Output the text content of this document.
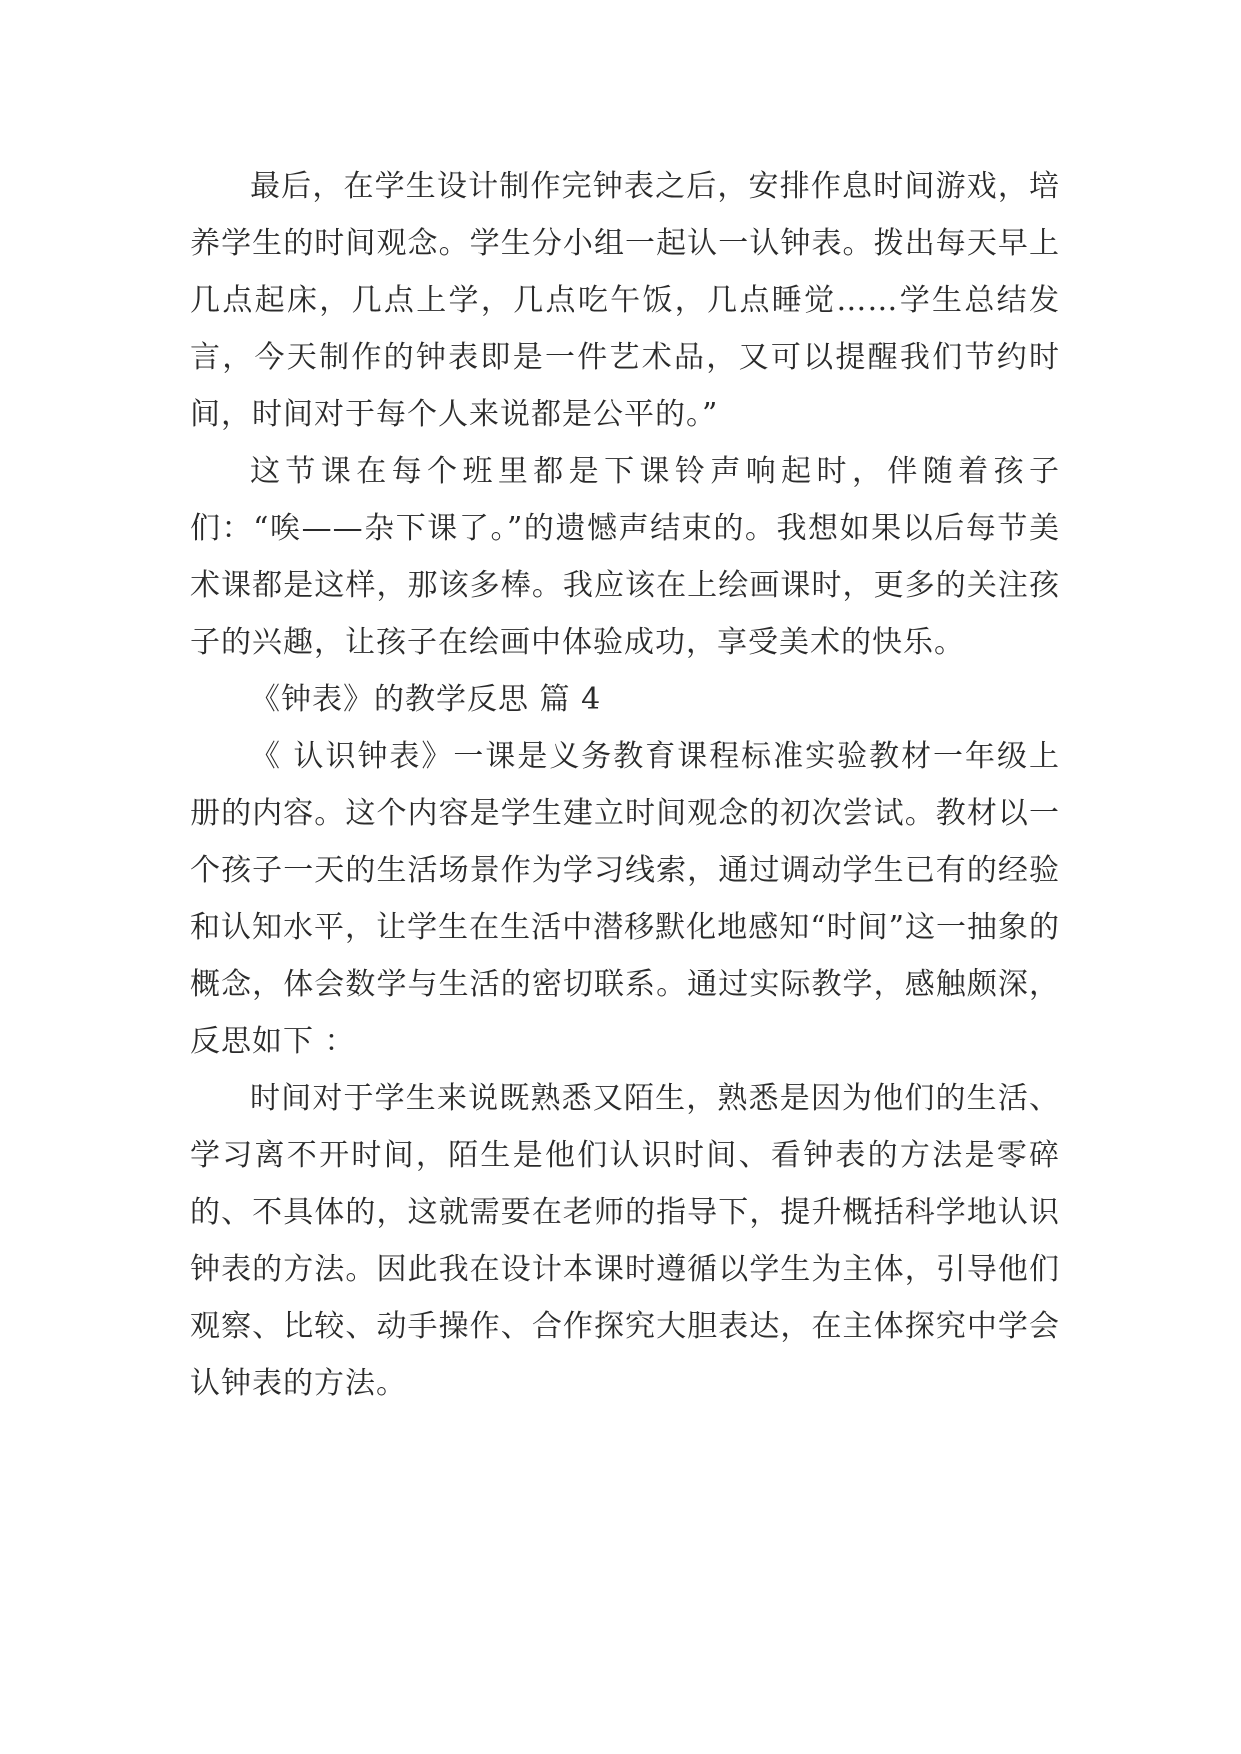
最后，在学生设计制作完钟表之后，安排作息时间游戏，培养学生的时间观念。学生分小组一起认一认钟表。拨出每天早上几点起床，几点上学，几点吃午饭，几点睡觉……学生总结发言，今天制作的钟表即是一件艺术品，又可以提醒我们节约时间，时间对于每个人来说都是公平的。”

这节课在每个班里都是下课铃声响起时，伴随着孩子们：“唉——杂下课了。”的遗憾声结束的。我想如果以后每节美术课都是这样，那该多棒。我应该在上绘画课时，更多的关注孩子的兴趣，让孩子在绘画中体验成功，享受美术的快乐。

《钟表》的教学反思 篇 4

《 认识钟表》一课是义务教育课程标准实验教材一年级上册的内容。这个内容是学生建立时间观念的初次尝试。教材以一个孩子一天的生活场景作为学习线索，通过调动学生已有的经验和认知水平，让学生在生活中潜移默化地感知“时间”这一抽象的概念，体会数学与生活的密切联系。通过实际教学，感触颇深，反思如下 ：

时间对于学生来说既熟悉又陌生，熟悉是因为他们的生活、学习离不开时间，陌生是他们认识时间、看钟表的方法是零碎的、不具体的，这就需要在老师的指导下，提升概括科学地认识钟表的方法。因此我在设计本课时遵循以学生为主体，引导他们观察、比较、动手操作、合作探究大胆表达，在主体探究中学会认钟表的方法。
